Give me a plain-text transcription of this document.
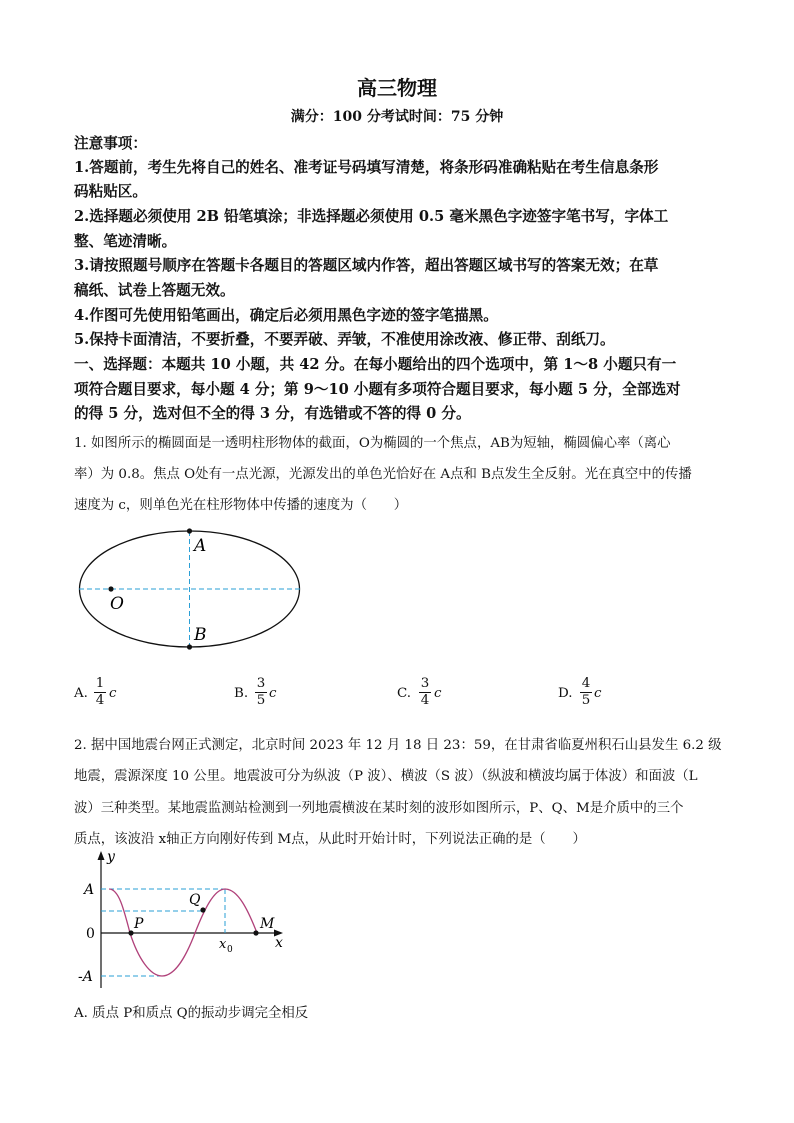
高三物理
满分：100 分考试时间：75 分钟
注意事项：
1.答题前，考生先将自己的姓名、准考证号码填写清楚，将条形码准确粘贴在考生信息条形
码粘贴区。
2.选择题必须使用 2B 铅笔填涂；非选择题必须使用 0.5 毫米黑色字迹签字笔书写，字体工
整、笔迹清晰。
3.请按照题号顺序在答题卡各题目的答题区域内作答，超出答题区域书写的答案无效；在草
稿纸、试卷上答题无效。
4.作图可先使用铅笔画出，确定后必须用黑色字迹的签字笔描黑。
5.保持卡面清洁，不要折叠，不要弄破、弄皱，不准使用涂改液、修正带、刮纸刀。
一、选择题：本题共 10 小题，共 42 分。在每小题给出的四个选项中，第 1～8 小题只有一
项符合题目要求，每小题 4 分；第 9～10 小题有多项符合题目要求，每小题 5 分，全部选对
的得 5 分，选对但不全的得 3 分，有选错或不答的得 0 分。
1. 如图所示的椭圆面是一透明柱形物体的截面，O为椭圆的一个焦点，AB为短轴，椭圆偏心率（离心
率）为 0.8。焦点 O处有一点光源，光源发出的单色光恰好在 A点和 B点发生全反射。光在真空中的传播
速度为 c，则单色光在柱形物体中传播的速度为（　　）
A
B
O
A.
1
4 c	B.
3
5 c	C.
3
4 c	D.
4
5 c
2. 据中国地震台网正式测定，北京时间 2023 年 12 月 18 日 23：59，在甘肃省临夏州积石山县发生 6.2 级
地震，震源深度 10 公里。地震波可分为纵波（P 波）、横波（S 波）（纵波和横波均属于体波）和面波（L
波）三种类型。某地震监测站检测到一列地震横波在某时刻的波形如图所示，P、Q、M是介质中的三个
质点，该波沿 x轴正方向刚好传到 M点，从此时开始计时，下列说法正确的是（　　）
y
x
A
0
-A
P
Q
M
x 0
A. 质点 P和质点 Q的振动步调完全相反
